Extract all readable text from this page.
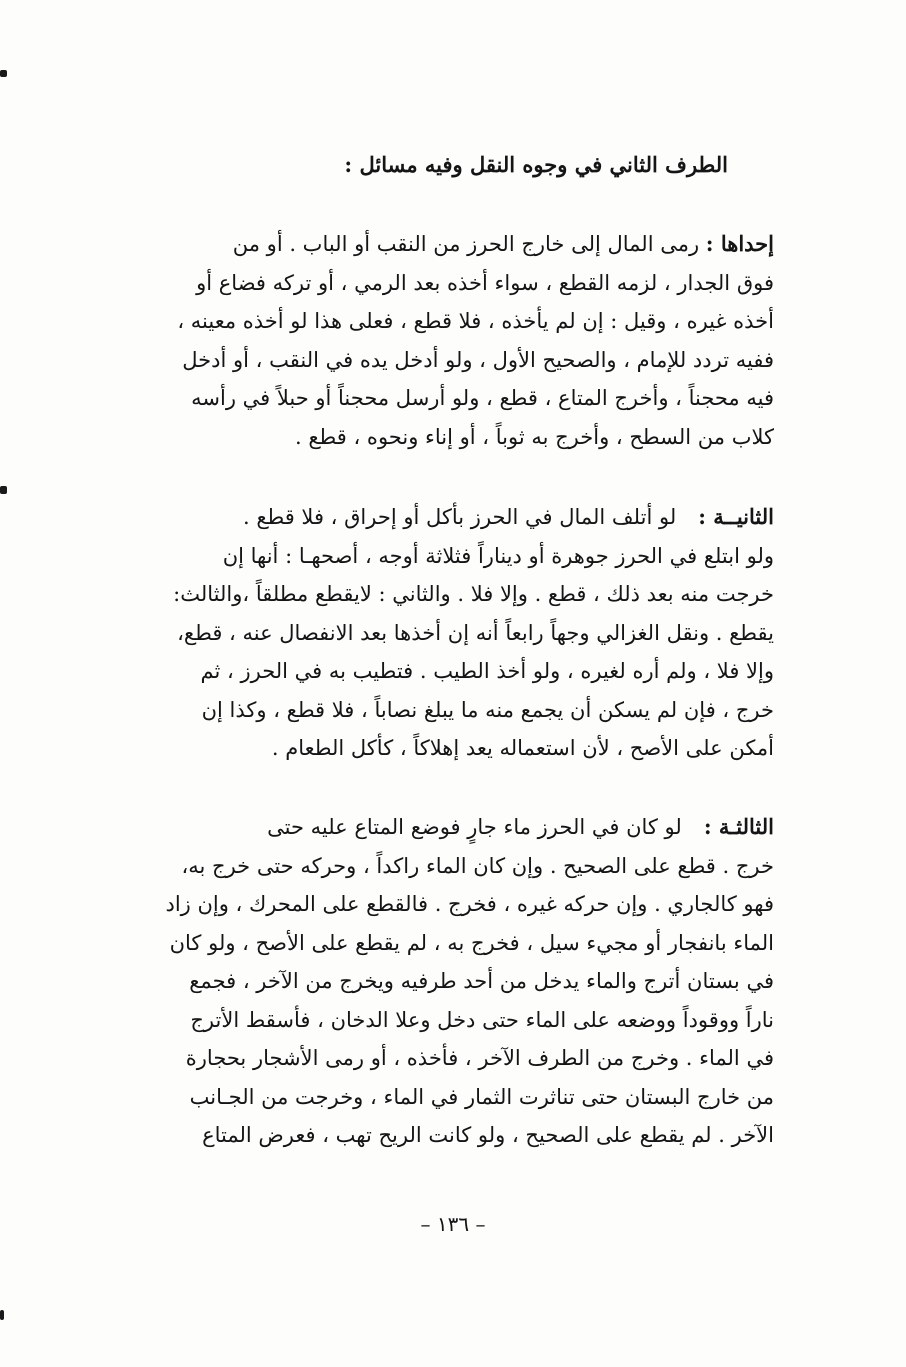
الطرف الثاني في وجوه النقل وفيه مسائل :
إحداها : رمى المال إلى خارج الحرز من النقب أو الباب . أو من
فوق الجدار ، لزمه القطع ، سواء أخذه بعد الرمي ، أو تركه فضاع أو
أخذه غيره ، وقيل : إن لم يأخذه ، فلا قطع ، فعلى هذا لو أخذه معينه ،
ففيه تردد للإمام ، والصحيح الأول ، ولو أدخل يده في النقب ، أو أدخل
فيه محجناً ، وأخرج المتاع ، قطع ، ولو أرسل محجناً أو حبلاً في رأسه
كلاب من السطح ، وأخرج به ثوباً ، أو إناء ونحوه ، قطع .
الثانيــة :لو أتلف المال في الحرز بأكل أو إحراق ، فلا قطع .
ولو ابتلع في الحرز جوهرة أو ديناراً فثلاثة أوجه ، أصحهـا : أنها إن
خرجت منه بعد ذلك ، قطع . وإلا فلا . والثاني : لايقطع مطلقاً ،والثالث:
يقطع . ونقل الغزالي وجهاً رابعاً أنه إن أخذها بعد الانفصال عنه ، قطع،
وإلا فلا ، ولم أره لغيره ، ولو أخذ الطيب . فتطيب به في الحرز ، ثم
خرج ، فإن لم يسكن أن يجمع منه ما يبلغ نصاباً ، فلا قطع ، وكذا إن
أمكن على الأصح ، لأن استعماله يعد إهلاكاً ، كأكل الطعام .
الثالثـة :لو كان في الحرز ماء جارٍ فوضع المتاع عليه حتى
خرج . قطع على الصحيح . وإن كان الماء راكداً ، وحركه حتى خرج به،
فهو كالجاري . وإن حركه غيره ، فخرج . فالقطع على المحرك ، وإن زاد
الماء بانفجار أو مجيء سيل ، فخرج به ، لم يقطع على الأصح ، ولو كان
في بستان أترج والماء يدخل من أحد طرفيه ويخرج من الآخر ، فجمع
ناراً ووقوداً ووضعه على الماء حتى دخل وعلا الدخان ، فأسقط الأترج
في الماء . وخرج من الطرف الآخر ، فأخذه ، أو رمى الأشجار بحجارة
من خارج البستان حتى تناثرت الثمار في الماء ، وخرجت من الجـانب
الآخر . لم يقطع على الصحيح ، ولو كانت الريح تهب ، فعرض المتاع
– ١٣٦ –
